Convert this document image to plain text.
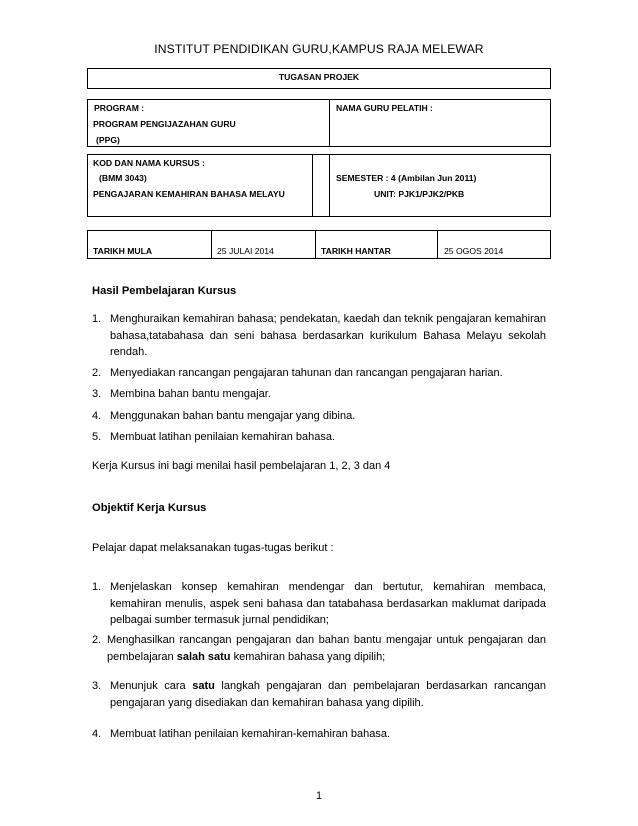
INSTITUT PENDIDIKAN GURU,KAMPUS RAJA MELEWAR
TUGASAN PROJEK
PROGRAM :
PROGRAM PENGIJAZAHAN GURU
(PPG)
NAMA GURU PELATIH :
KOD DAN NAMA KURSUS :
(BMM 3043)
PENGAJARAN KEMAHIRAN BAHASA MELAYU
SEMESTER : 4 (Ambilan Jun 2011)
UNIT: PJK1/PJK2/PKB
TARIKH MULA	25 JULAI 2014	TARIKH HANTAR	25 OGOS 2014
Hasil Pembelajaran Kursus
1. Menghuraikan kemahiran bahasa; pendekatan, kaedah dan teknik pengajaran kemahiran bahasa,tatabahasa dan seni bahasa berdasarkan kurikulum Bahasa Melayu sekolah rendah.
2. Menyediakan rancangan pengajaran tahunan dan rancangan pengajaran harian.
3. Membina bahan bantu mengajar.
4. Menggunakan bahan bantu mengajar yang dibina.
5. Membuat latihan penilaian kemahiran bahasa.
Kerja Kursus ini bagi menilai hasil pembelajaran 1, 2, 3 dan 4
Objektif Kerja Kursus
Pelajar dapat melaksanakan tugas-tugas berikut :
1. Menjelaskan konsep kemahiran mendengar dan bertutur, kemahiran membaca, kemahiran menulis, aspek seni bahasa dan tatabahasa berdasarkan maklumat daripada pelbagai sumber termasuk jurnal pendidikan;
2. Menghasilkan rancangan pengajaran dan bahan bantu mengajar untuk pengajaran dan pembelajaran salah satu kemahiran bahasa yang dipilih;
3. Menunjuk cara satu langkah pengajaran dan pembelajaran berdasarkan rancangan pengajaran yang disediakan dan kemahiran bahasa yang dipilih.
4. Membuat latihan penilaian kemahiran-kemahiran bahasa.
1
